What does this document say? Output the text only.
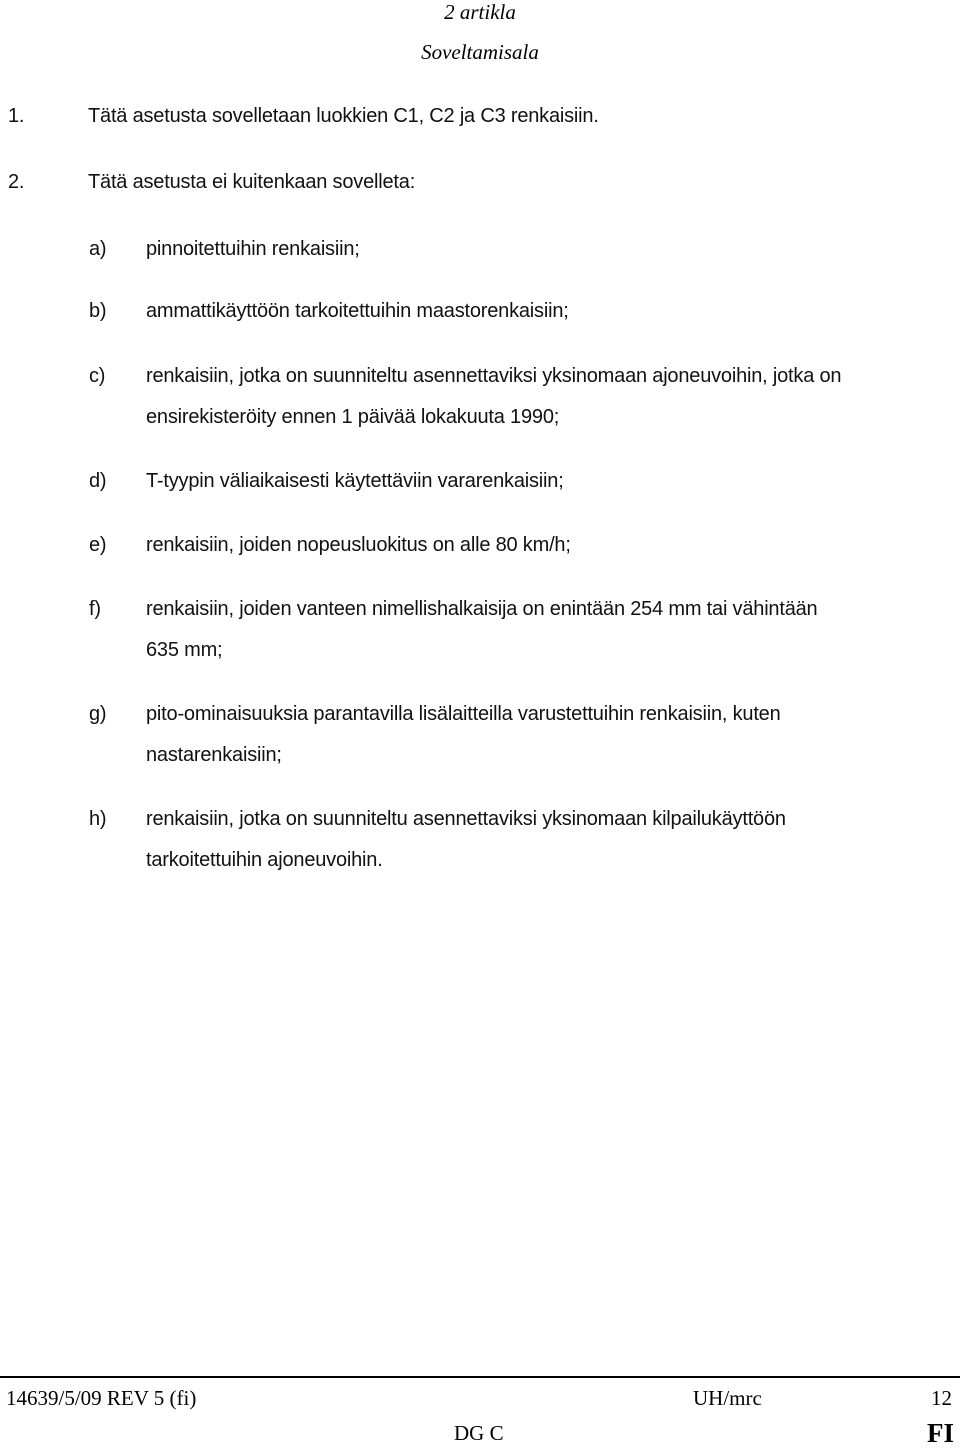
2 artikla
Soveltamisala
1.	Tätä asetusta sovelletaan luokkien C1, C2 ja C3 renkaisiin.
2.	Tätä asetusta ei kuitenkaan sovelleta:
a) pinnoitettuihin renkaisiin;
b) ammattikäyttöön tarkoitettuihin maastorenkaisiin;
c) renkaisiin, jotka on suunniteltu asennettaviksi yksinomaan ajoneuvoihin, jotka on
ensirekisteröity ennen 1 päivää lokakuuta 1990;
d) T-tyypin väliaikaisesti käytettäviin vararenkaisiin;
e) renkaisiin, joiden nopeusluokitus on alle 80 km/h;
f) renkaisiin, joiden vanteen nimellishalkaisija on enintään 254 mm tai vähintään
635 mm;
g) pito-ominaisuuksia parantavilla lisälaitteilla varustettuihin renkaisiin, kuten
nastarenkaisiin;
h) renkaisiin, jotka on suunniteltu asennettaviksi yksinomaan kilpailukäyttöön
tarkoitettuihin ajoneuvoihin.
14639/5/09 REV 5 (fi)	UH/mrc	12
DG C	FI
